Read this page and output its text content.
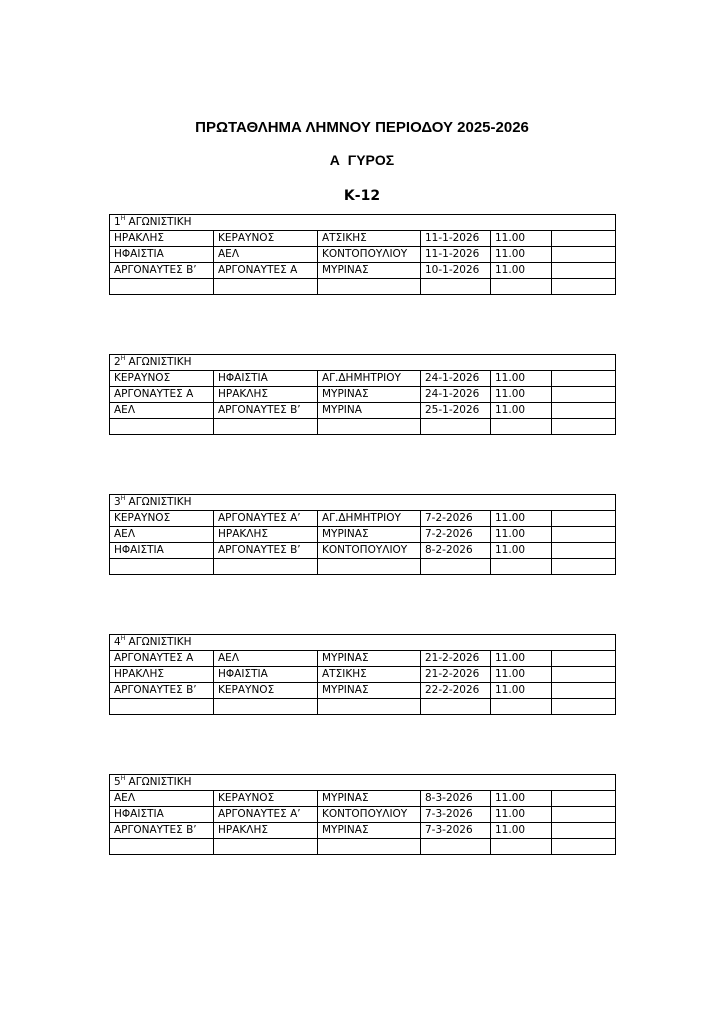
ΠΡΩΤΑΘΛΗΜΑ ΛΗΜΝΟΥ ΠΕΡΙΟΔΟΥ 2025-2026
Α ΓΥΡΟΣ
Κ-12
$1^H$ ΑΓΩΝΙΣΤΙΚΗ					
ΗΡΑΚΛΗΣ	ΚΕΡΑΥΝΟΣ	ΑΤΣΙΚΗΣ	11-1-2026	11.00	
ΗΦΑΙΣΤΙΑ	ΑΕΛ	ΚΟΝΤΟΠΟΥΛΙΟΥ	11-1-2026	11.00	
ΑΡΓΟΝΑΥΤΕΣ Β’	ΑΡΓΟΝΑΥΤΕΣ Α	ΜΥΡΙΝΑΣ	10-1-2026	11.00	

$2^H$ ΑΓΩΝΙΣΤΙΚΗ					
ΚΕΡΑΥΝΟΣ	ΗΦΑΙΣΤΙΑ	ΑΓ.ΔΗΜΗΤΡΙΟΥ	24-1-2026	11.00	
ΑΡΓΟΝΑΥΤΕΣ Α	ΗΡΑΚΛΗΣ	ΜΥΡΙΝΑΣ	24-1-2026	11.00	
ΑΕΛ	ΑΡΓΟΝΑΥΤΕΣ Β’	ΜΥΡΙΝΑ	25-1-2026	11.00	

$3^H$ ΑΓΩΝΙΣΤΙΚΗ					
ΚΕΡΑΥΝΟΣ	ΑΡΓΟΝΑΥΤΕΣ Α’	ΑΓ.ΔΗΜΗΤΡΙΟΥ	7-2-2026	11.00	
ΑΕΛ	ΗΡΑΚΛΗΣ	ΜΥΡΙΝΑΣ	7-2-2026	11.00	
ΗΦΑΙΣΤΙΑ	ΑΡΓΟΝΑΥΤΕΣ Β’	ΚΟΝΤΟΠΟΥΛΙΟΥ	8-2-2026	11.00	

$4^H$ ΑΓΩΝΙΣΤΙΚΗ					
ΑΡΓΟΝΑΥΤΕΣ Α	ΑΕΛ	ΜΥΡΙΝΑΣ	21-2-2026	11.00	
ΗΡΑΚΛΗΣ	ΗΦΑΙΣΤΙΑ	ΑΤΣΙΚΗΣ	21-2-2026	11.00	
ΑΡΓΟΝΑΥΤΕΣ Β’	ΚΕΡΑΥΝΟΣ	ΜΥΡΙΝΑΣ	22-2-2026	11.00	

$5^H$ ΑΓΩΝΙΣΤΙΚΗ					
ΑΕΛ	ΚΕΡΑΥΝΟΣ	ΜΥΡΙΝΑΣ	8-3-2026	11.00	
ΗΦΑΙΣΤΙΑ	ΑΡΓΟΝΑΥΤΕΣ Α’	ΚΟΝΤΟΠΟΥΛΙΟΥ	7-3-2026	11.00	
ΑΡΓΟΝΑΥΤΕΣ Β’	ΗΡΑΚΛΗΣ	ΜΥΡΙΝΑΣ	7-3-2026	11.00	
